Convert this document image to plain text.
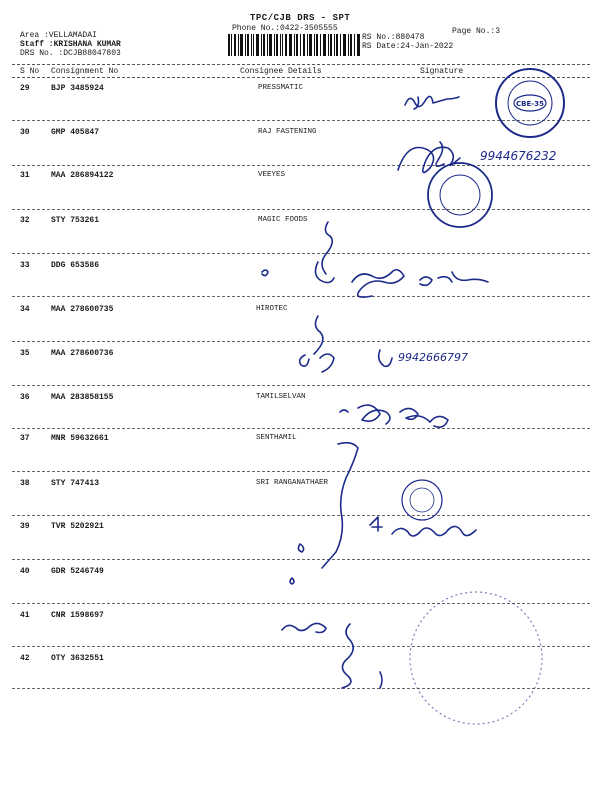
TPC/CJB DRS - SPT
Phone No.:0422-3505555
Area :VELLAMADAI
Staff :KRISHANA KUMAR
DRS No. :DCJB88047803
RS No.:880478
RS Date:24-Jan-2022
Page No.:3
S No Consignment No	Consignee Details	Signature
29	BJP 3485924	PRESSMATIC
30	GMP 405847	RAJ FASTENING
31	MAA 286894122	VEEYES
32	STY 753261	MAGIC FOODS
33	DDG 653586
34	MAA 278600735	HIROTEC
35	MAA 278600736
36	MAA 283858155	TAMILSELVAN
37	MNR 59632661	SENTHAMIL
38	STY 747413	SRI RANGANATHAER
39	TVR 5202921
40	GDR 5246749
41	CNR 1598697
42	OTY 3632551
CBE-35
9944676232
9942666797
